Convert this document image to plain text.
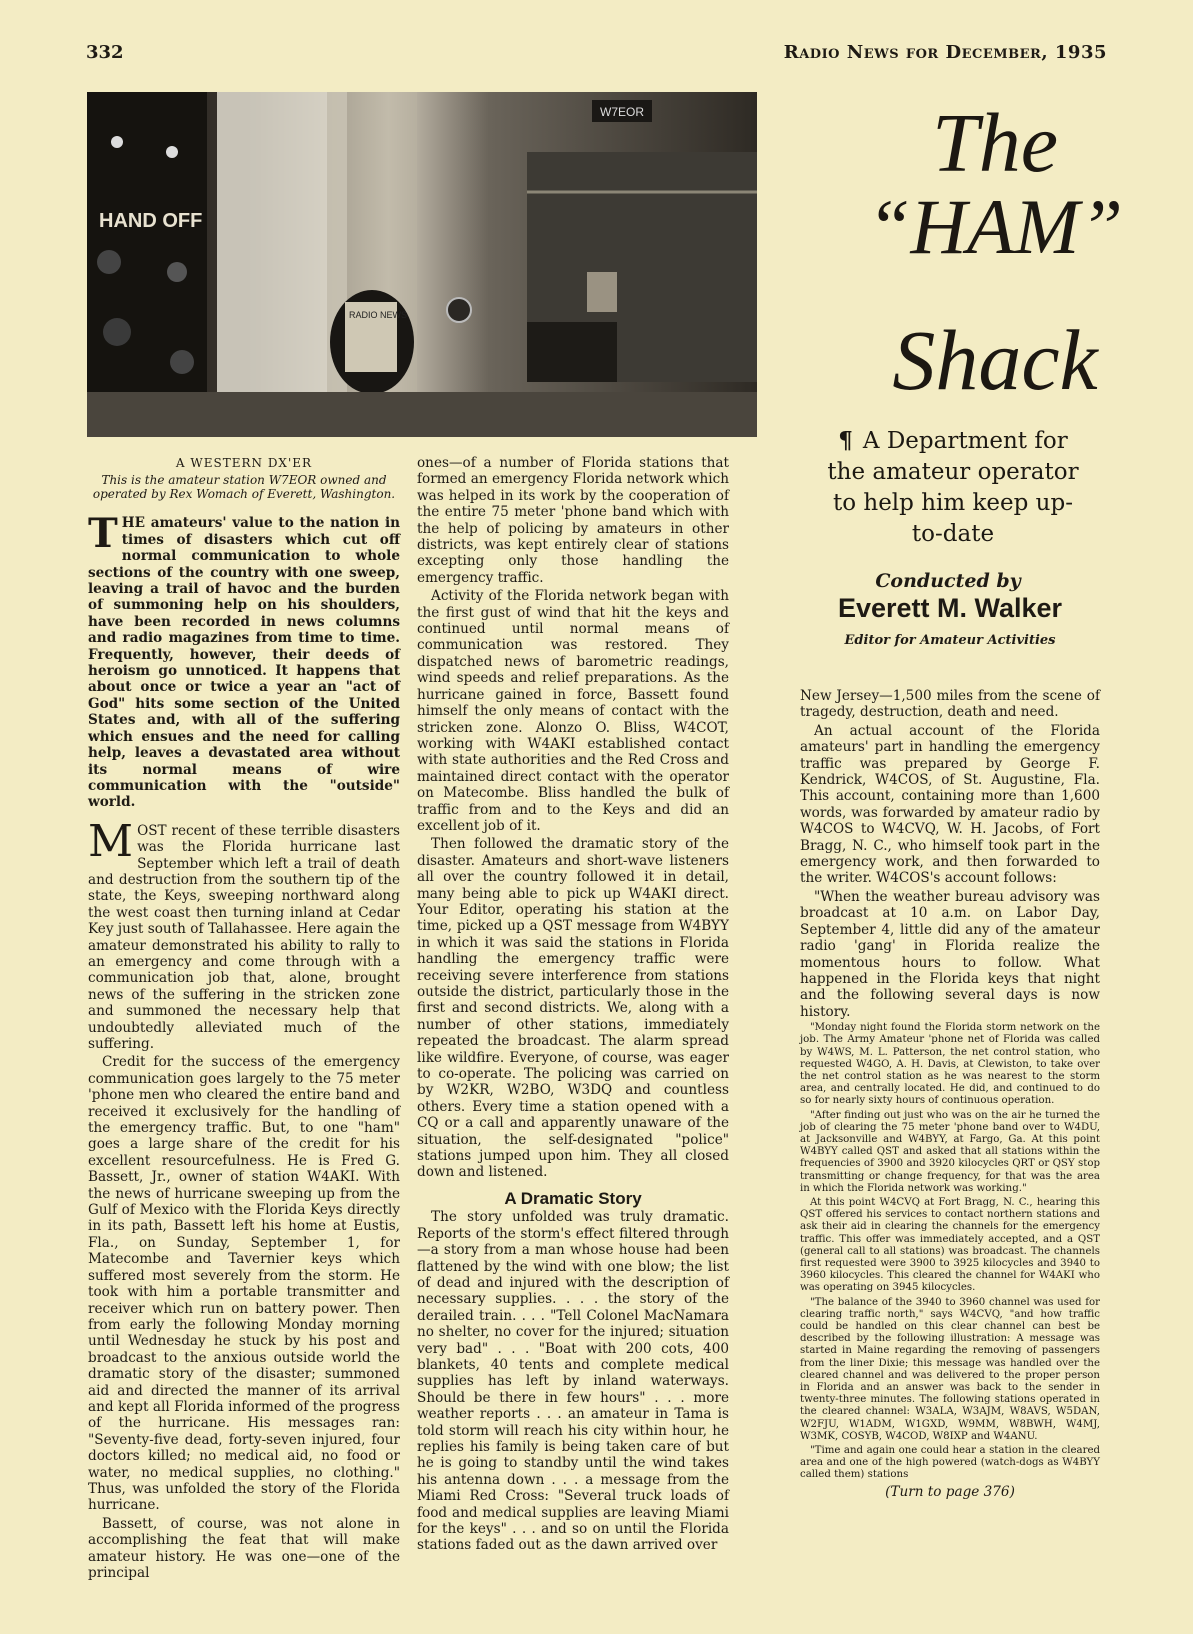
332	Radio News for December, 1935
HAND OFF
W7EOR
RADIO NEWS
The
“HAM”
Shack
¶ A Department for the amateur operator to help him keep up-to-date
Conducted by
Everett M. Walker
Editor for Amateur Activities
A WESTERN DX'ER
This is the amateur station W7EOR owned and operated by Rex Womach of Everett, Washington.

THE amateurs' value to the nation in times of disasters which cut off normal communication to whole sections of the country with one sweep, leaving a trail of havoc and the burden of summoning help on his shoulders, have been recorded in news columns and radio magazines from time to time. Frequently, however, their deeds of heroism go unnoticed. It happens that about once or twice a year an "act of God" hits some section of the United States and, with all of the suffering which ensues and the need for calling help, leaves a devastated area without its normal means of wire communication with the "outside" world.

MOST recent of these terrible disasters was the Florida hurricane last September which left a trail of death and destruction from the southern tip of the state, the Keys, sweeping northward along the west coast then turning inland at Cedar Key just south of Tallahassee. Here again the amateur demonstrated his ability to rally to an emergency and come through with a communication job that, alone, brought news of the suffering in the stricken zone and summoned the necessary help that undoubtedly alleviated much of the suffering.

Credit for the success of the emergency communication goes largely to the 75 meter 'phone men who cleared the entire band and received it exclusively for the handling of the emergency traffic. But, to one "ham" goes a large share of the credit for his excellent resourcefulness. He is Fred G. Bassett, Jr., owner of station W4AKI. With the news of hurricane sweeping up from the Gulf of Mexico with the Florida Keys directly in its path, Bassett left his home at Eustis, Fla., on Sunday, September 1, for Matecombe and Tavernier keys which suffered most severely from the storm. He took with him a portable transmitter and receiver which run on battery power. Then from early the following Monday morning until Wednesday he stuck by his post and broadcast to the anxious outside world the dramatic story of the disaster; summoned aid and directed the manner of its arrival and kept all Florida informed of the progress of the hurricane. His messages ran: "Seventy-five dead, forty-seven injured, four doctors killed; no medical aid, no food or water, no medical supplies, no clothing." Thus, was unfolded the story of the Florida hurricane.

Bassett, of course, was not alone in accomplishing the feat that will make amateur history. He was one—one of the principal

ones—of a number of Florida stations that formed an emergency Florida network which was helped in its work by the cooperation of the entire 75 meter 'phone band which with the help of policing by amateurs in other districts, was kept entirely clear of stations excepting only those handling the emergency traffic.

Activity of the Florida network began with the first gust of wind that hit the keys and continued until normal means of communication was restored. They dispatched news of barometric readings, wind speeds and relief preparations. As the hurricane gained in force, Bassett found himself the only means of contact with the stricken zone. Alonzo O. Bliss, W4COT, working with W4AKI established contact with state authorities and the Red Cross and maintained direct contact with the operator on Matecombe. Bliss handled the bulk of traffic from and to the Keys and did an excellent job of it.

Then followed the dramatic story of the disaster. Amateurs and short-wave listeners all over the country followed it in detail, many being able to pick up W4AKI direct. Your Editor, operating his station at the time, picked up a QST message from W4BYY in which it was said the stations in Florida handling the emergency traffic were receiving severe interference from stations outside the district, particularly those in the first and second districts. We, along with a number of other stations, immediately repeated the broadcast. The alarm spread like wildfire. Everyone, of course, was eager to co-operate. The policing was carried on by W2KR, W2BO, W3DQ and countless others. Every time a station opened with a CQ or a call and apparently unaware of the situation, the self-designated "police" stations jumped upon him. They all closed down and listened.

A Dramatic Story

The story unfolded was truly dramatic. Reports of the storm's effect filtered through—a story from a man whose house had been flattened by the wind with one blow; the list of dead and injured with the description of necessary supplies. . . . the story of the derailed train. . . . "Tell Colonel MacNamara no shelter, no cover for the injured; situation very bad" . . . "Boat with 200 cots, 400 blankets, 40 tents and complete medical supplies has left by inland waterways. Should be there in few hours" . . . more weather reports . . . an amateur in Tama is told storm will reach his city within hour, he replies his family is being taken care of but he is going to standby until the wind takes his antenna down . . . a message from the Miami Red Cross: "Several truck loads of food and medical supplies are leaving Miami for the keys" . . . and so on until the Florida stations faded out as the dawn arrived over

New Jersey—1,500 miles from the scene of tragedy, destruction, death and need.

An actual account of the Florida amateurs' part in handling the emergency traffic was prepared by George F. Kendrick, W4COS, of St. Augustine, Fla. This account, containing more than 1,600 words, was forwarded by amateur radio by W4COS to W4CVQ, W. H. Jacobs, of Fort Bragg, N. C., who himself took part in the emergency work, and then forwarded to the writer. W4COS's account follows:

"When the weather bureau advisory was broadcast at 10 a.m. on Labor Day, September 4, little did any of the amateur radio 'gang' in Florida realize the momentous hours to follow. What happened in the Florida keys that night and the following several days is now history.

"Monday night found the Florida storm network on the job. The Army Amateur 'phone net of Florida was called by W4WS, M. L. Patterson, the net control station, who requested W4GO, A. H. Davis, at Clewiston, to take over the net control station as he was nearest to the storm area, and centrally located. He did, and continued to do so for nearly sixty hours of continuous operation.

"After finding out just who was on the air he turned the job of clearing the 75 meter 'phone band over to W4DU, at Jacksonville and W4BYY, at Fargo, Ga. At this point W4BYY called QST and asked that all stations within the frequencies of 3900 and 3920 kilocycles QRT or QSY stop transmitting or change frequency, for that was the area in which the Florida network was working."

At this point W4CVQ at Fort Bragg, N. C., hearing this QST offered his services to contact northern stations and ask their aid in clearing the channels for the emergency traffic. This offer was immediately accepted, and a QST (general call to all stations) was broadcast. The channels first requested were 3900 to 3925 kilocycles and 3940 to 3960 kilocycles. This cleared the channel for W4AKI who was operating on 3945 kilocycles.

"The balance of the 3940 to 3960 channel was used for clearing traffic north," says W4CVQ, "and how traffic could be handled on this clear channel can best be described by the following illustration: A message was started in Maine regarding the removing of passengers from the liner Dixie; this message was handled over the cleared channel and was delivered to the proper person in Florida and an answer was back to the sender in twenty-three minutes. The following stations operated in the cleared channel: W3ALA, W3AJM, W8AVS, W5DAN, W2FJU, W1ADM, W1GXD, W9MM, W8BWH, W4MJ, W3MK, COSYB, W4COD, W8IXP and W4ANU.

"Time and again one could hear a station in the cleared area and one of the high powered (watch-dogs as W4BYY called them) stations

(Turn to page 376)
